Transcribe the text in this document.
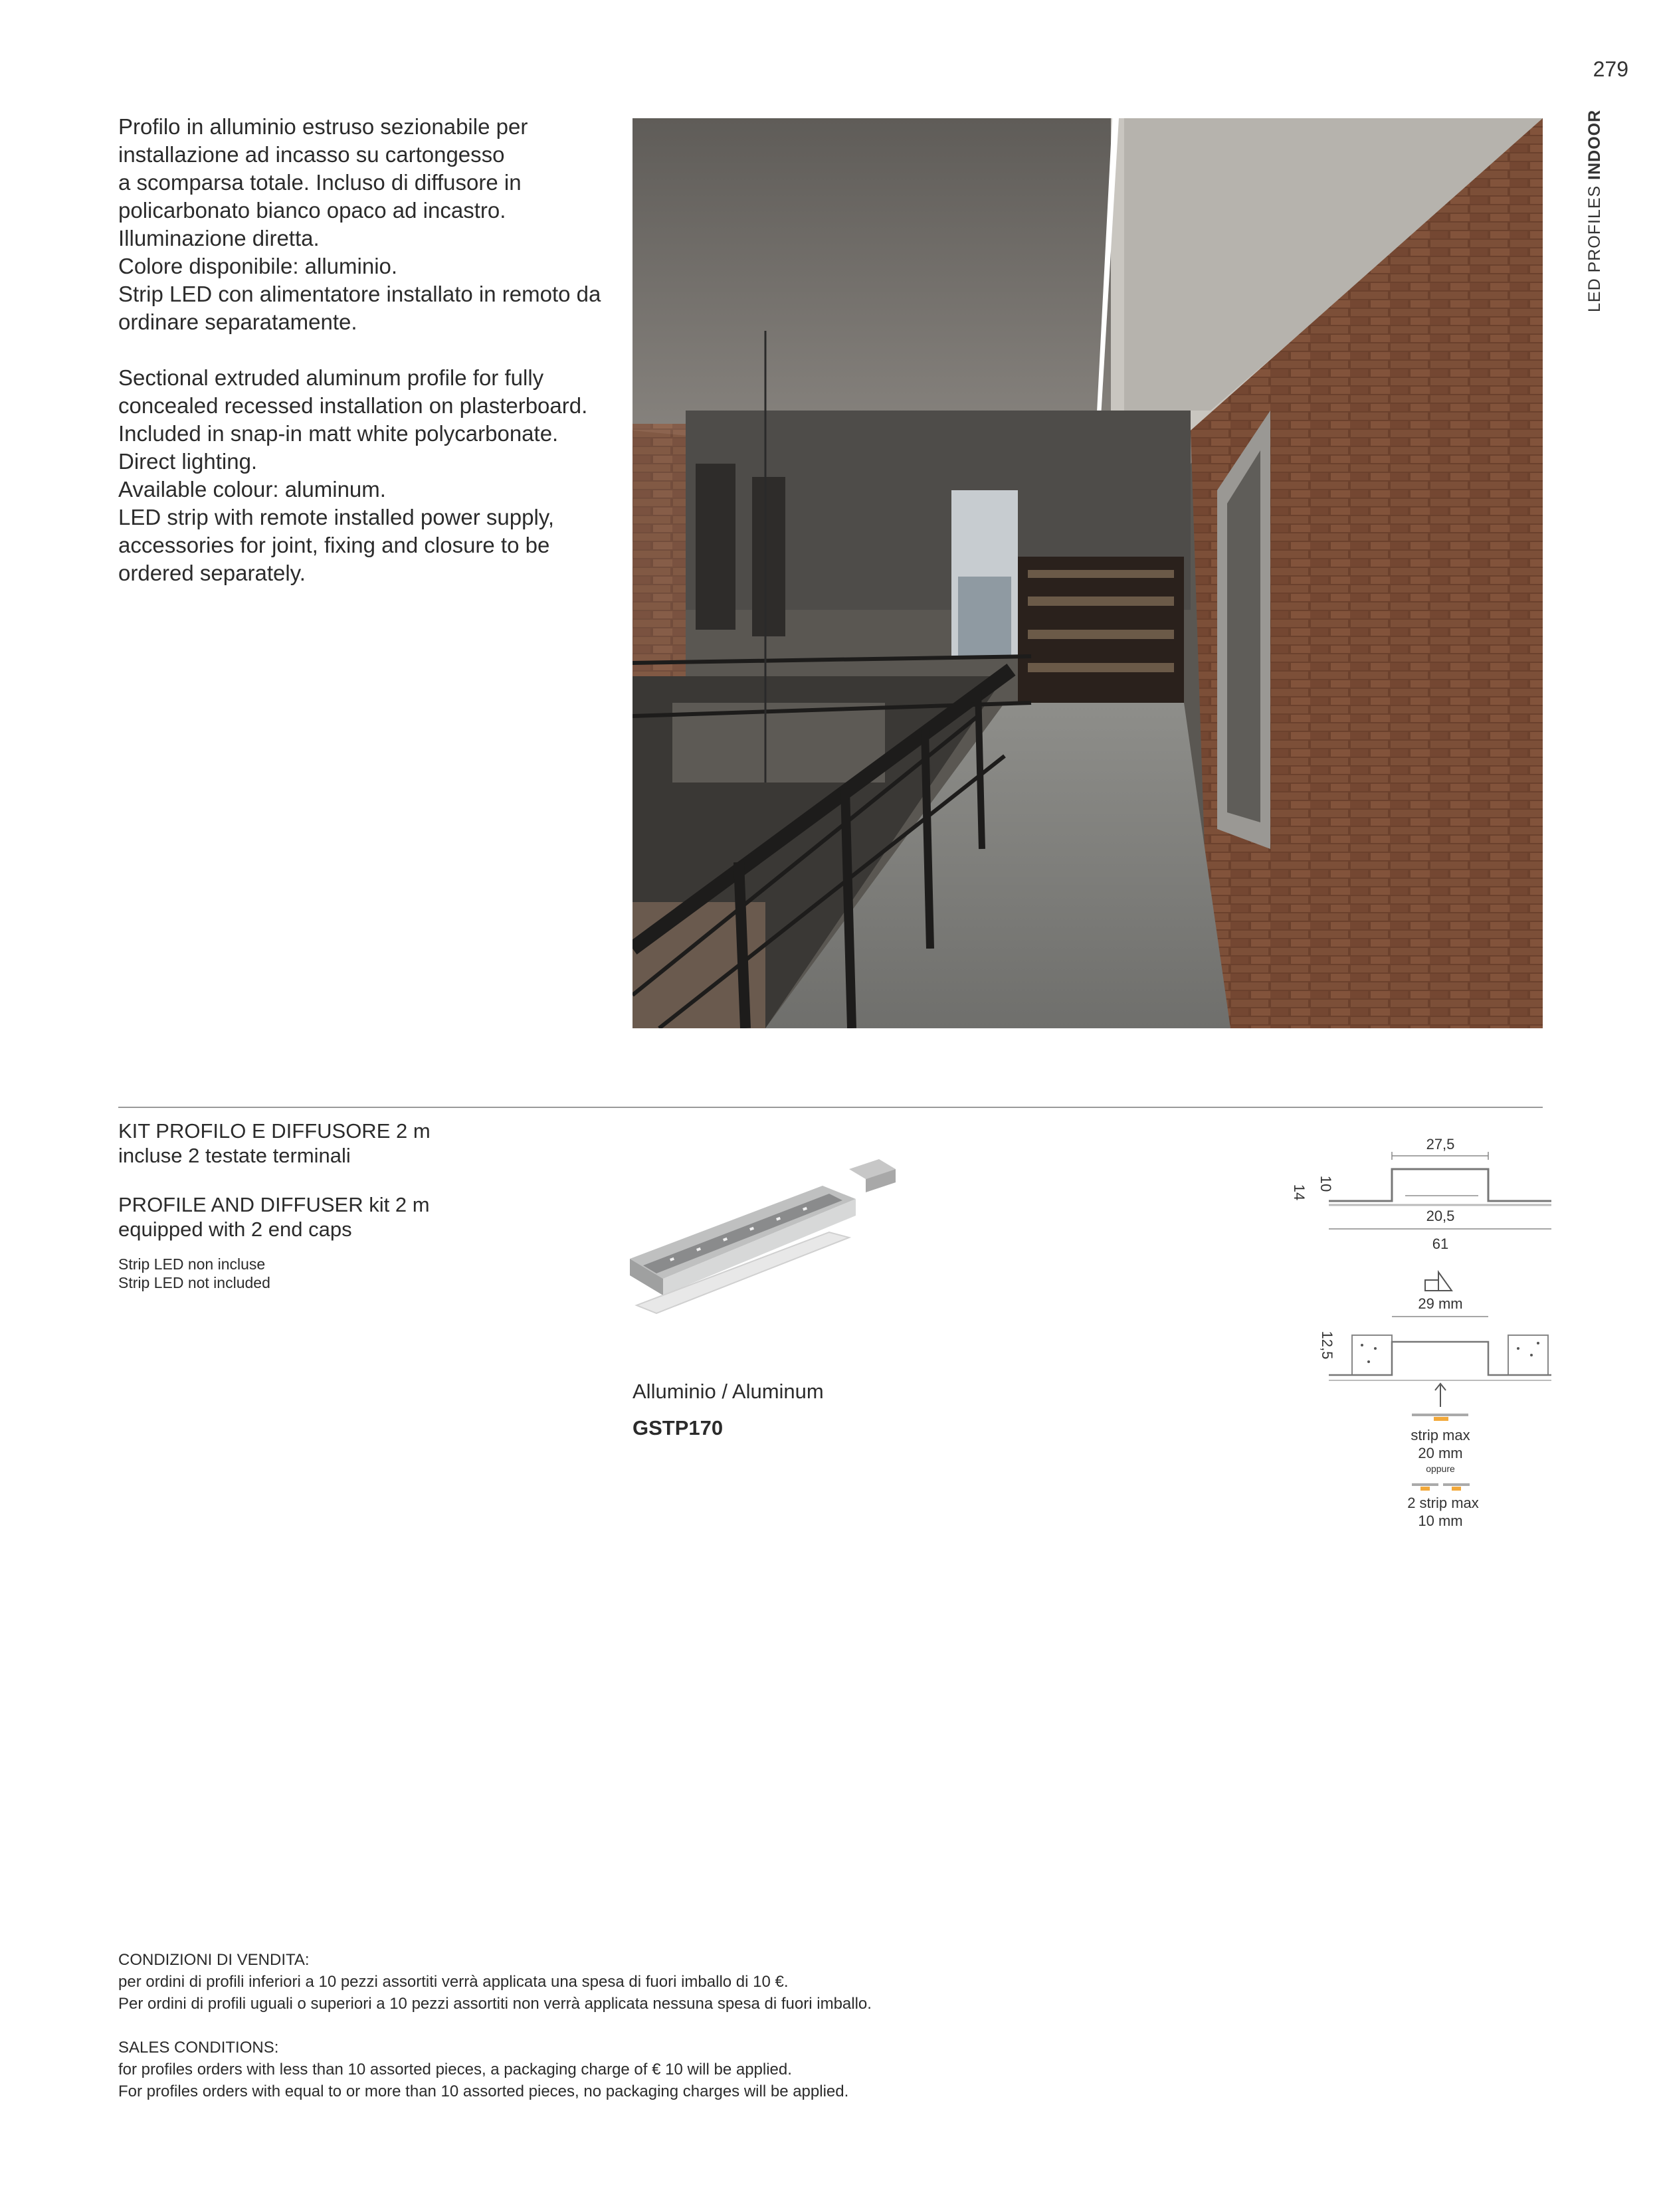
279
LED PROFILES INDOOR

Profilo in alluminio estruso sezionabile per

installazione ad incasso su cartongesso

a scomparsa totale. Incluso di diffusore in

policarbonato bianco opaco ad incastro.

Illuminazione diretta.

Colore disponibile: alluminio.

Strip LED con alimentatore installato in remoto da

ordinare separatamente.

Sectional extruded aluminum profile for fully

concealed recessed installation on plasterboard.

Included in snap-in matt white polycarbonate.

Direct lighting.

Available colour: aluminum.

LED strip with remote installed power supply,

accessories for joint, fixing and closure to be

ordered separately.

KIT PROFILO E DIFFUSORE 2 m
incluse 2 testate terminali
PROFILE AND DIFFUSER kit 2 m
equipped with 2 end caps
Strip LED non incluse
Strip LED not included
Alluminio / Aluminum
GSTP170
27,5
20,5
61
10
14
29 mm
12,5
strip max
20 mm
oppure
2 strip max
10 mm

CONDIZIONI DI VENDITA:

per ordini di profili inferiori a 10 pezzi assortiti verrà applicata una spesa di fuori imballo di 10 €.

Per ordini di profili uguali o superiori a 10 pezzi assortiti non verrà applicata nessuna spesa di fuori imballo.

SALES CONDITIONS:

for profiles orders with less than 10 assorted pieces, a packaging charge of € 10 will be applied.

For profiles orders with equal to or more than 10 assorted pieces, no packaging charges will be applied.
